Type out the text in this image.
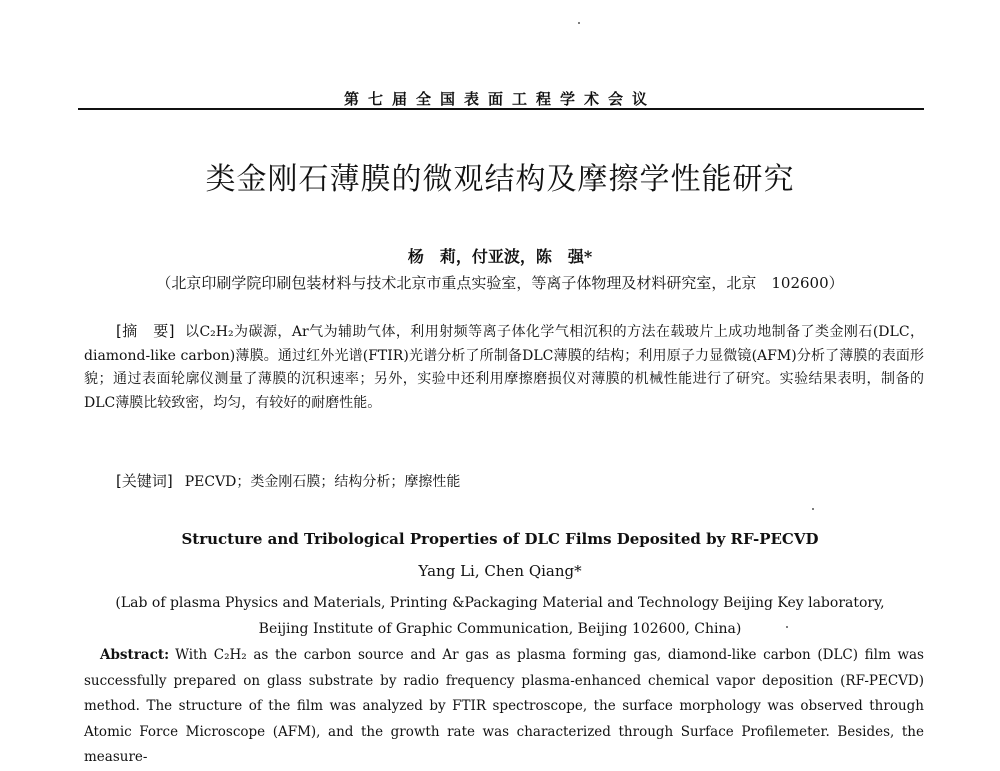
第七届全国表面工程学术会议
类金刚石薄膜的微观结构及摩擦学性能研究
杨　莉，付亚波，陈　强*
（北京印刷学院印刷包装材料与技术北京市重点实验室，等离子体物理及材料研究室，北京　102600）
[摘　要] 以C₂H₂为碳源，Ar气为辅助气体，利用射频等离子体化学气相沉积的方法在载玻片上成功地制备了类金刚石(DLC，diamond-like carbon)薄膜。通过红外光谱(FTIR)光谱分析了所制备DLC薄膜的结构；利用原子力显微镜(AFM)分析了薄膜的表面形貌；通过表面轮廓仪测量了薄膜的沉积速率；另外，实验中还利用摩擦磨损仪对薄膜的机械性能进行了研究。实验结果表明，制备的DLC薄膜比较致密，均匀，有较好的耐磨性能。
[关键词] PECVD；类金刚石膜；结构分析；摩擦性能
Structure and Tribological Properties of DLC Films Deposited by RF-PECVD
Yang Li, Chen Qiang*
(Lab of plasma Physics and Materials, Printing &Packaging Material and Technology Beijing Key laboratory,
Beijing Institute of Graphic Communication, Beijing 102600, China)
Abstract: With C₂H₂ as the carbon source and Ar gas as plasma forming gas, diamond-like carbon (DLC) film was successfully prepared on glass substrate by radio frequency plasma-enhanced chemical vapor deposition (RF-PECVD) method. The structure of the film was analyzed by FTIR spectroscope, the surface morphology was observed through Atomic Force Microscope (AFM), and the growth rate was characterized through Surface Profilemeter. Besides, the measure-
